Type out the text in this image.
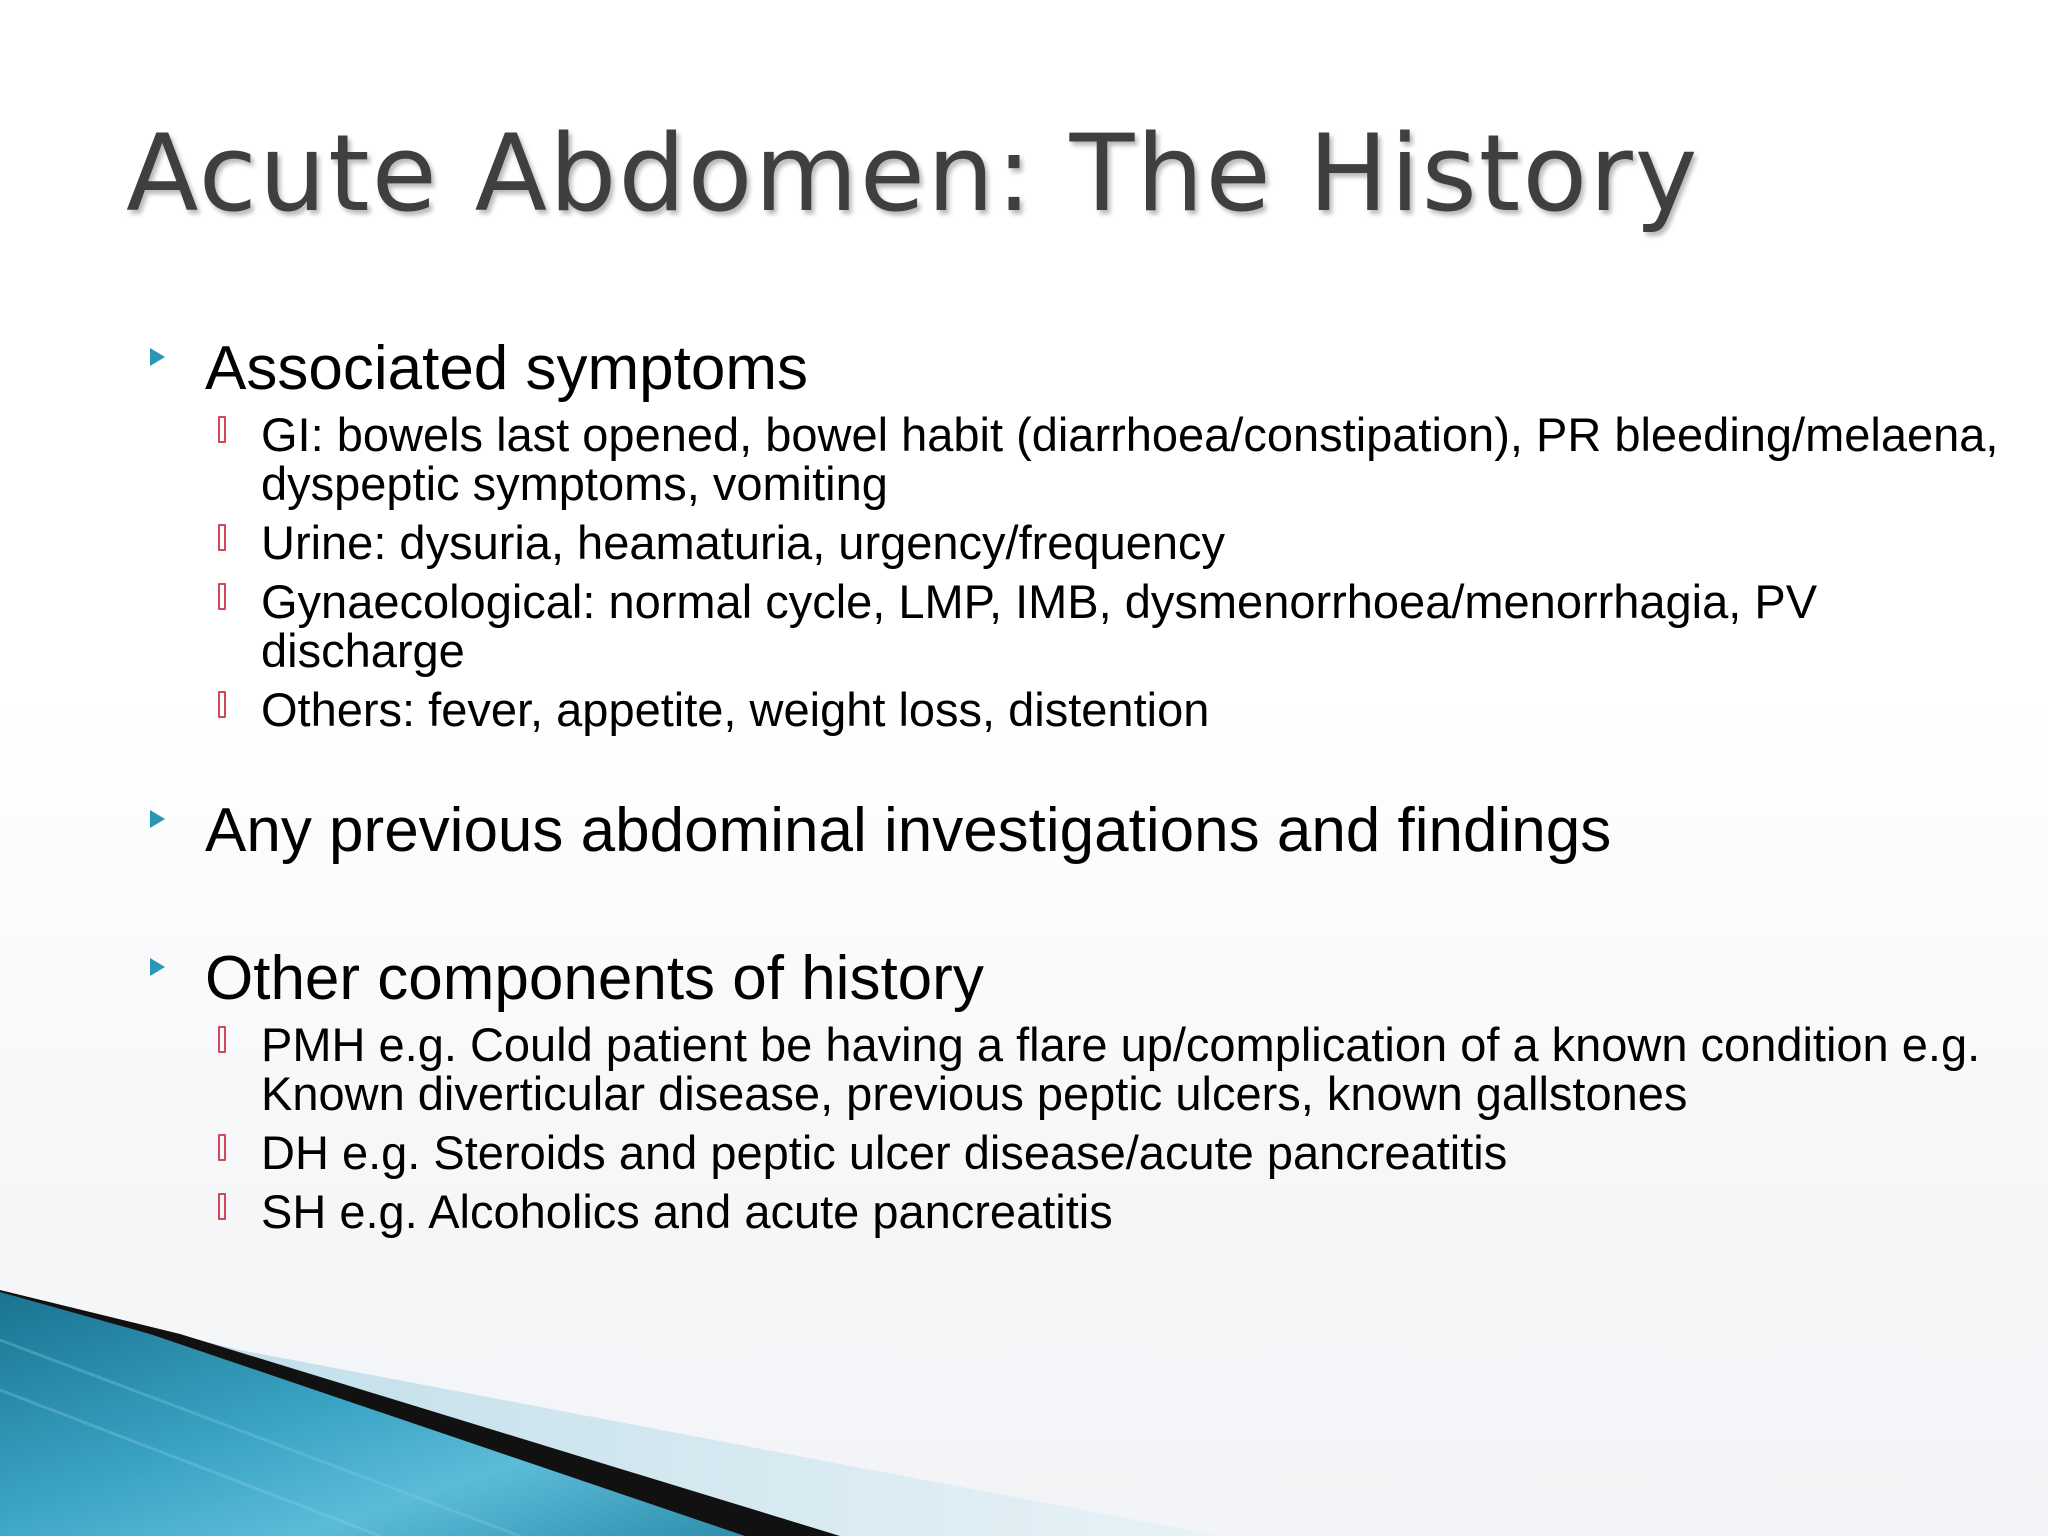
Acute Abdomen: The History
Associated symptoms
GI: bowels last opened, bowel habit (diarrhoea/constipation), PR bleeding/melaena, dyspeptic symptoms, vomiting
Urine: dysuria, heamaturia, urgency/frequency
Gynaecological: normal cycle, LMP, IMB, dysmenorrhoea/menorrhagia, PV discharge
Others: fever, appetite, weight loss, distention
Any previous abdominal investigations and findings
Other components of history
PMH e.g. Could patient be having a flare up/complication of a known condition e.g. Known diverticular disease, previous peptic ulcers, known gallstones
DH e.g. Steroids and peptic ulcer disease/acute pancreatitis
SH e.g. Alcoholics and acute pancreatitis
